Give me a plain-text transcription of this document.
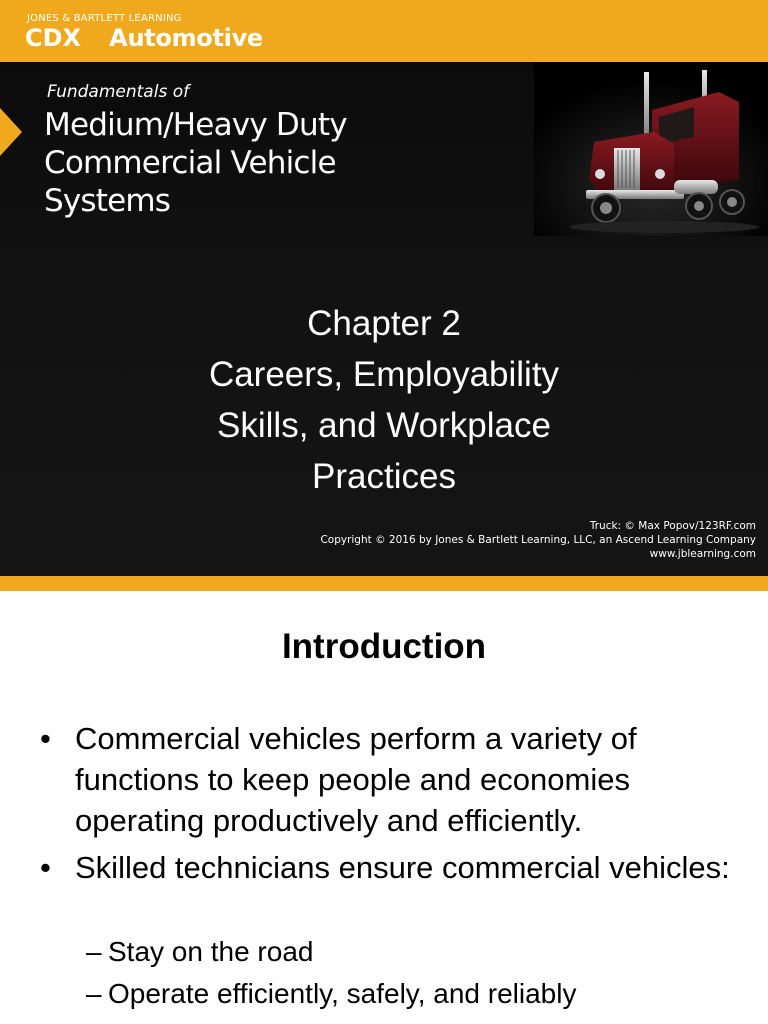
JONES & BARTLETT LEARNING
CDX Automotive
Fundamentals of
Medium/Heavy Duty
Commercial Vehicle
Systems
Chapter 2
Careers, Employability
Skills, and Workplace
Practices
Truck: © Max Popov/123RF.com
Copyright © 2016 by Jones & Bartlett Learning, LLC, an Ascend Learning Company
www.jblearning.com
Introduction
• Commercial vehicles perform a variety of functions to keep people and economies operating productively and efficiently.
• Skilled technicians ensure commercial vehicles:
– Stay on the road
– Operate efficiently, safely, and reliably
